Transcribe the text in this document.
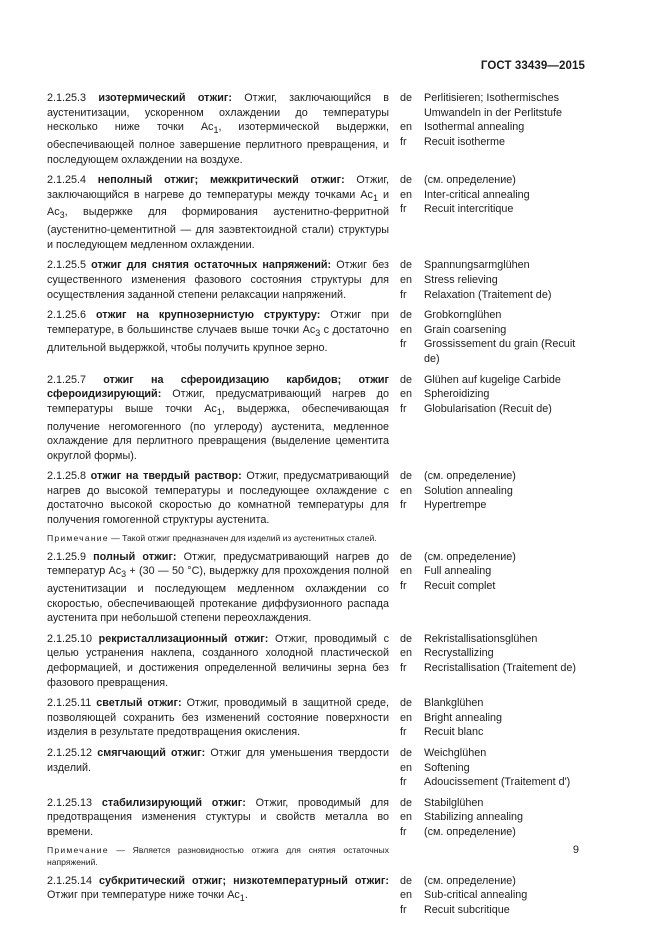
ГОСТ 33439—2015
2.1.25.3 изотермический отжиг: Отжиг, заключающийся в аустенитизации, ускоренном охлаждении до температуры несколько ниже точки $Ас_1$, изотермической выдержки, обеспечивающей полное завершение перлитного превращения, и последующем охлаждении на воздухе.
de	Perlitisieren; Isothermisches Umwandeln in der Perlitstufe
en	Isothermal annealing
fr	Recuit isotherme
2.1.25.4 неполный отжиг; межкритический отжиг: Отжиг, заключающийся в нагреве до температуры между точками $Ас_1$ и $Ас_3$, выдержке для формирования аустенитно-ферритной (аустенитно-цементитной — для заэвтектоидной стали) структуры и последующем медленном охлаждении.
de	(см. определение)
en	Inter-critical annealing
fr	Recuit intercritique
2.1.25.5 отжиг для снятия остаточных напряжений: Отжиг без существенного изменения фазового состояния структуры для осуществления заданной степени релаксации напряжений.
de	Spannungsarmglühen
en	Stress relieving
fr	Relaxation (Traitement de)
2.1.25.6 отжиг на крупнозернистую структуру: Отжиг при температуре, в большинстве случаев выше точки $Ас_3$ с достаточно длительной выдержкой, чтобы получить крупное зерно.
de	Grobkornglühen
en	Grain coarsening
fr	Grossissement du grain (Recuit de)
2.1.25.7 отжиг на сфероидизацию карбидов; отжиг сфероидизирующий: Отжиг, предусматривающий нагрев до температуры выше точки $Ас_1$, выдержка, обеспечивающая получение негомогенного (по углероду) аустенита, медленное охлаждение для перлитного превращения (выделение цементита округлой формы).
de	Glühen auf kugelige Carbide
en	Spheroidizing
fr	Globularisation (Recuit de)
2.1.25.8 отжиг на твердый раствор: Отжиг, предусматривающий нагрев до высокой температуры и последующее охлаждение с достаточно высокой скоростью до комнатной температуры для получения гомогенной структуры аустенита.
Примечание — Такой отжиг предназначен для изделий из аустенитных сталей.
de	(см. определение)
en	Solution annealing
fr	Hypertrempe
2.1.25.9 полный отжиг: Отжиг, предусматривающий нагрев до температур $Ас_3 + (30$ — 50 °С), выдержку для прохождения полной аустенитизации и последующем медленном охлаждении со скоростью, обеспечивающей протекание диффузионного распада аустенита при небольшой степени переохлаждения.
de	(см. определение)
en	Full annealing
fr	Recuit complet
2.1.25.10 рекристаллизационный отжиг: Отжиг, проводимый с целью устранения наклепа, созданного холодной пластической деформацией, и достижения определенной величины зерна без фазового превращения.
de	Rekristallisationsglühen
en	Recrystallizing
fr	Recristallisation (Traitement de)
2.1.25.11 светлый отжиг: Отжиг, проводимый в защитной среде, позволяющей сохранить без изменений состояние поверхности изделия в результате предотвращения окисления.
de	Blankglühen
en	Bright annealing
fr	Recuit blanc
2.1.25.12 смягчающий отжиг: Отжиг для уменьшения твердости изделий.
de	Weichglühen
en	Softening
fr	Adoucissement (Traitement d')
2.1.25.13 стабилизирующий отжиг: Отжиг, проводимый для предотвращения изменения стуктуры и свойств металла во времени.
Примечание — Является разновидностью отжига для снятия остаточных напряжений.
de	Stabilglühen
en	Stabilizing annealing
fr	(см. определение)
2.1.25.14 субкритический отжиг; низкотемпературный отжиг: Отжиг при температуре ниже точки $Ас_1$.
de	(см. определение)
en	Sub-critical annealing
fr	Recuit subcritique
9
